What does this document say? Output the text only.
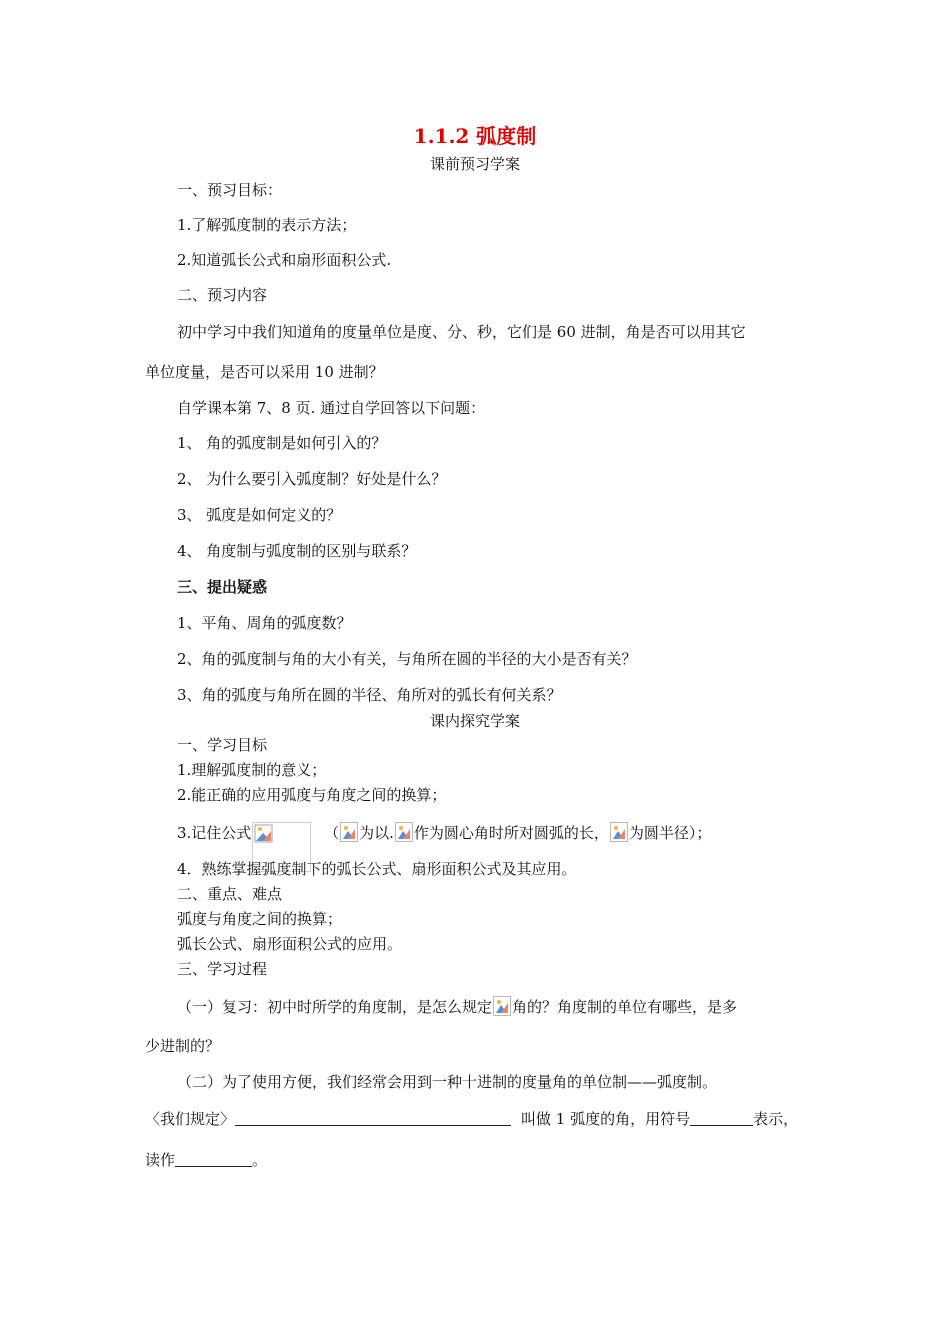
1.1.2 弧度制
课前预习学案
一、预习目标：
1.了解弧度制的表示方法；
2.知道弧长公式和扇形面积公式.
二、预习内容
初中学习中我们知道角的度量单位是度、分、秒，它们是 60 进制，角是否可以用其它
单位度量，是否可以采用 10 进制？
自学课本第 7、8 页. 通过自学回答以下问题：
1、 角的弧度制是如何引入的？
2、 为什么要引入弧度制？好处是什么？
3、 弧度是如何定义的？
4、 角度制与弧度制的区别与联系？
三、提出疑惑
1、平角、周角的弧度数？
2、角的弧度制与角的大小有关，与角所在圆的半径的大小是否有关？
3、角的弧度与角所在圆的半径、角所对的弧长有何关系？
课内探究学案
一、学习目标
1.理解弧度制的意义；
2.能正确的应用弧度与角度之间的换算；
3.记住公式	（ 为以. 作为圆心角时所对圆弧的长， 为圆半径）；
4．熟练掌握弧度制下的弧长公式、扇形面积公式及其应用。
二、重点、难点
弧度与角度之间的换算；
弧长公式、扇形面积公式的应用。
三、学习过程
（一）复习：初中时所学的角度制，是怎么规定 角的？角度制的单位有哪些，是多
少进制的？
（二）为了使用方便，我们经常会用到一种十进制的度量角的单位制——弧度制。
〈我们规定〉	叫做 1 弧度的角，用符号	表示，
读作	。
